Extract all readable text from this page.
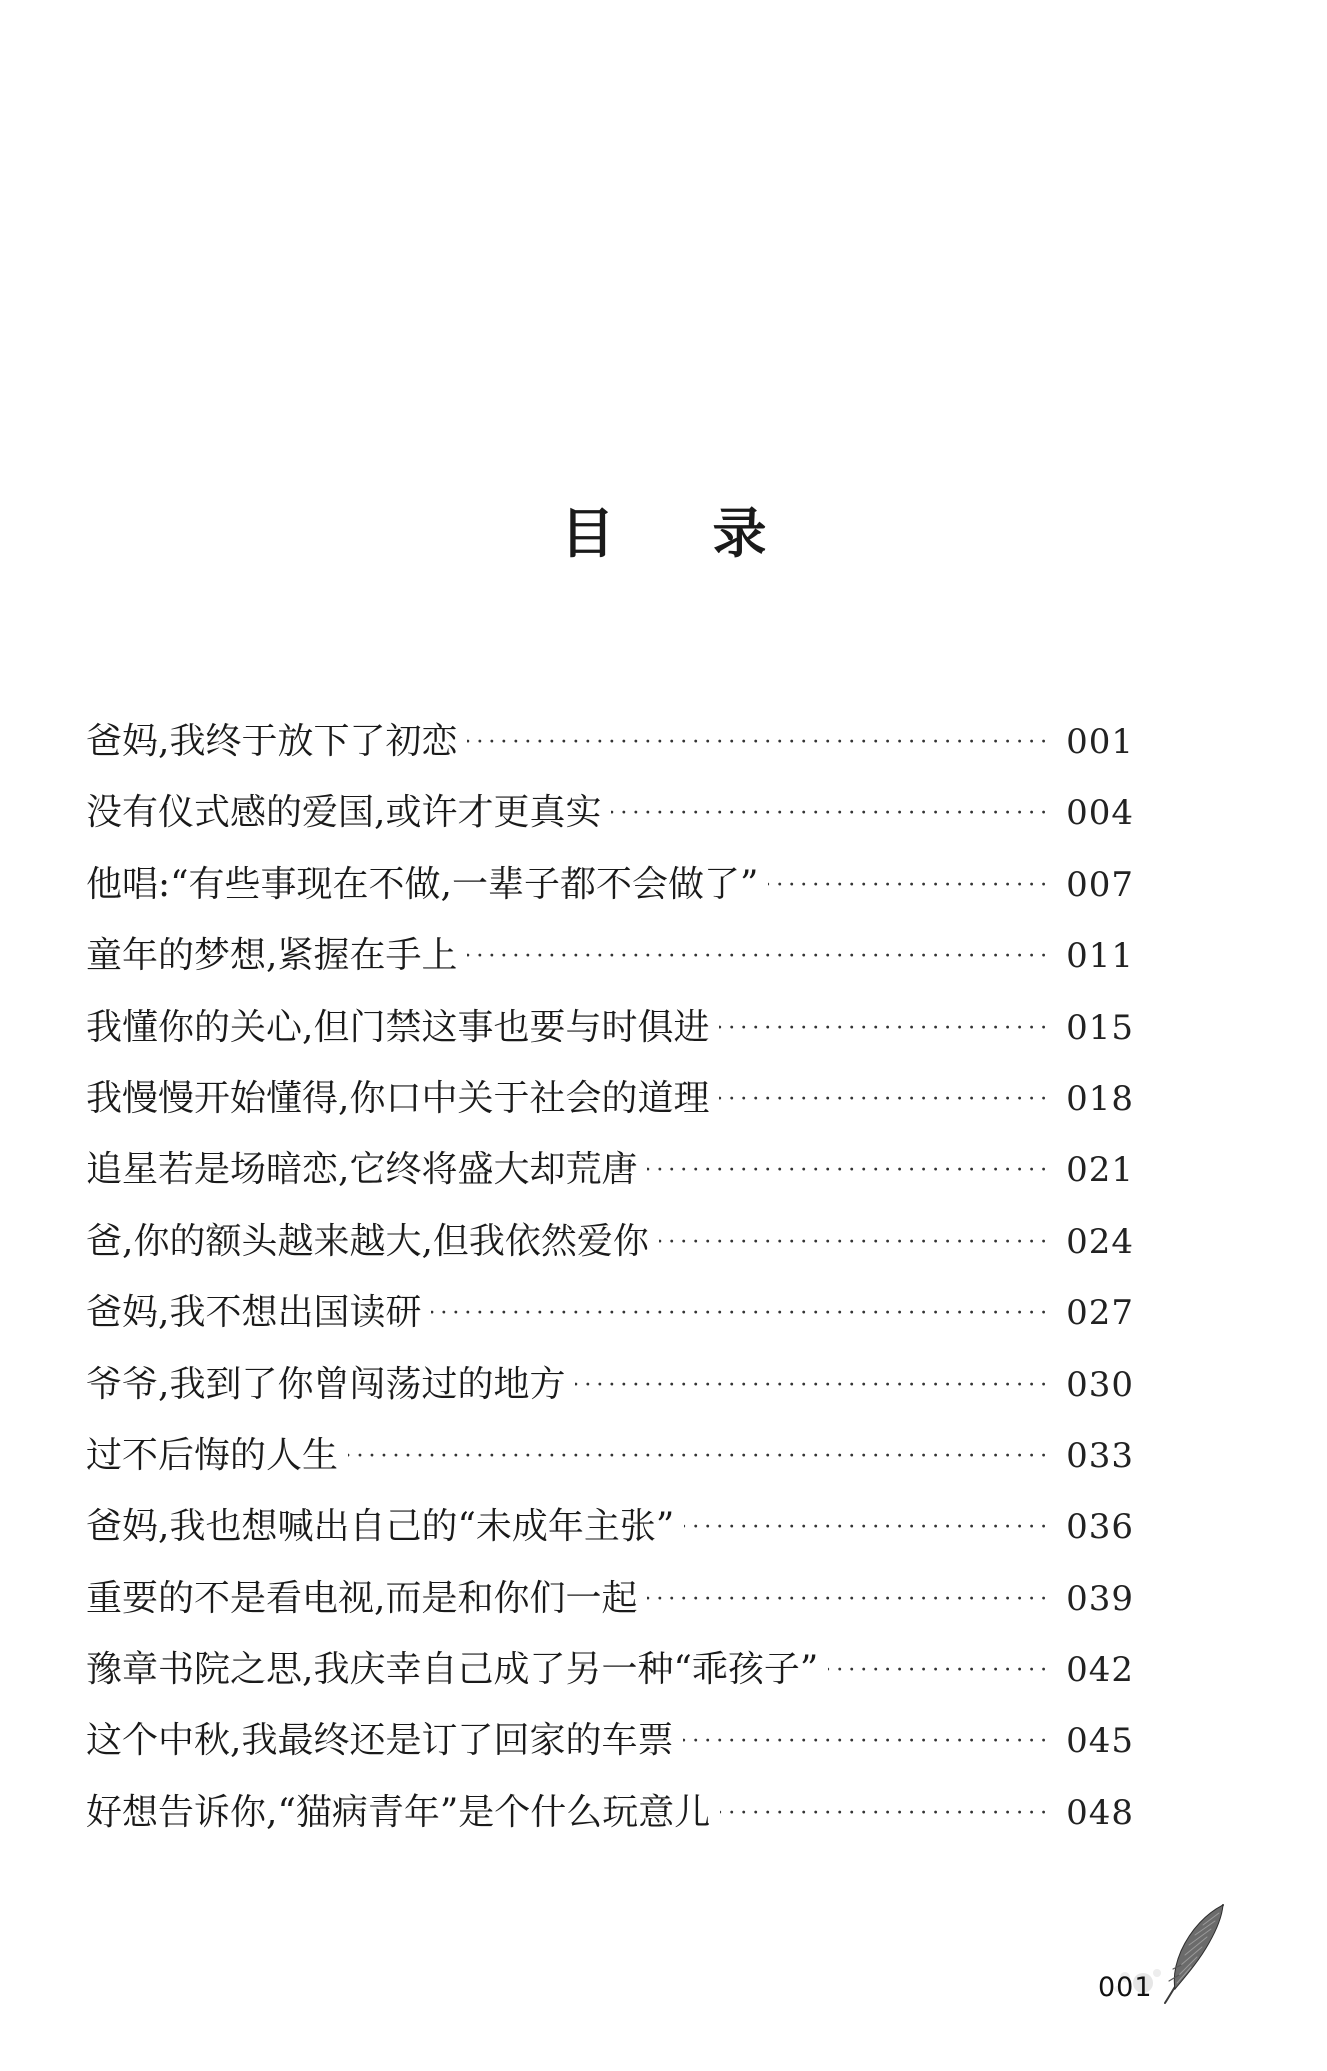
目 录
爸妈,我终于放下了初恋 ·····	001
没有仪式感的爱国,或许才更真实 ·····	004
他唱:“有些事现在不做,一辈子都不会做了” ·····	007
童年的梦想,紧握在手上 ·····	011
我懂你的关心,但门禁这事也要与时俱进 ·····	015
我慢慢开始懂得,你口中关于社会的道理 ·····	018
追星若是场暗恋,它终将盛大却荒唐 ·····	021
爸,你的额头越来越大,但我依然爱你 ·····	024
爸妈,我不想出国读研 ·····	027
爷爷,我到了你曾闯荡过的地方 ·····	030
过不后悔的人生 ·····	033
爸妈,我也想喊出自己的“未成年主张” ·····	036
重要的不是看电视,而是和你们一起 ·····	039
豫章书院之思,我庆幸自己成了另一种“乖孩子” ·····	042
这个中秋,我最终还是订了回家的车票 ·····	045
好想告诉你,“猫病青年”是个什么玩意儿 ·····	048
001
